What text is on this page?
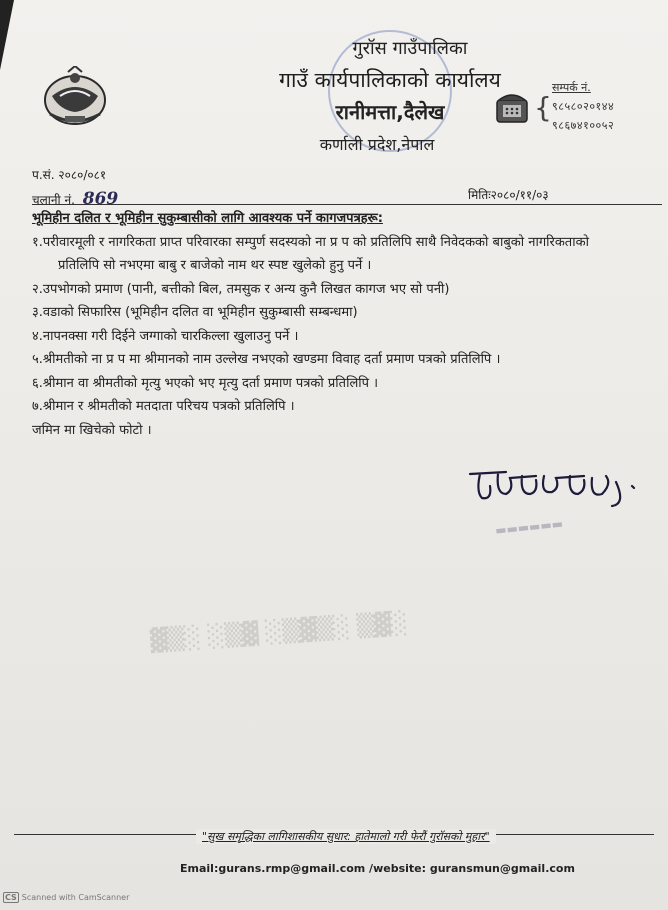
गुरॉस गाउँपालिका
गाउँ कार्यपालिकाको कार्यालय
रानीमत्ता,दैलेख
कर्णाली प्रदेश,नेपाल
सम्पर्क नं.
{ ९८५८०२०१४४
९८६७४१००५२
प.सं. २०८०/०८१
चलानी नं. 869	मितिः२०८०/११/०३
भूमिहीन दलित र भूमिहीन सुकुम्बासीको लागि आवश्यक पर्ने कागजपत्रहरू:
१.परीवारमूली र नागरिकता प्राप्त परिवारका सम्पुर्ण सदस्यको ना प्र प को प्रतिलिपि साथै निवेदकको बाबुको नागरिकताको
प्रतिलिपि सो नभएमा बाबु र बाजेको नाम थर स्पष्ट खुलेको हुनु पर्ने ।
२.उपभोगको प्रमाण (पानी, बत्तीको बिल, तमसुक र अन्य कुनै लिखत कागज भए सो पनी)
३.वडाको सिफारिस (भूमिहीन दलित वा भूमिहीन सुकुम्बासी सम्बन्धमा)
४.नापनक्सा गरी दिईने जग्गाको चारकिल्ला खुलाउनु पर्ने ।
५.श्रीमतीको ना प्र प मा श्रीमानको नाम उल्लेख नभएको खण्डमा विवाह दर्ता प्रमाण पत्रको प्रतिलिपि ।
६.श्रीमान वा श्रीमतीको मृत्यु भएको भए मृत्यु दर्ता प्रमाण पत्रको प्रतिलिपि ।
७.श्रीमान र श्रीमतीको मतदाता परिचय पत्रको प्रतिलिपि ।
जमिन मा खिचेको फोटो ।
▬▬▬▬▬▬
▓▒░ ░▒▓ ░▒▓▒░ ▒▓░
"सुख समृद्धिका लागिशासकीय सुधार: हातेमालो गरी फेरौं गुरॉसको मुहार"
Email:gurans.rmp@gmail.com /website: guransmun@gmail.com
CS Scanned with CamScanner
